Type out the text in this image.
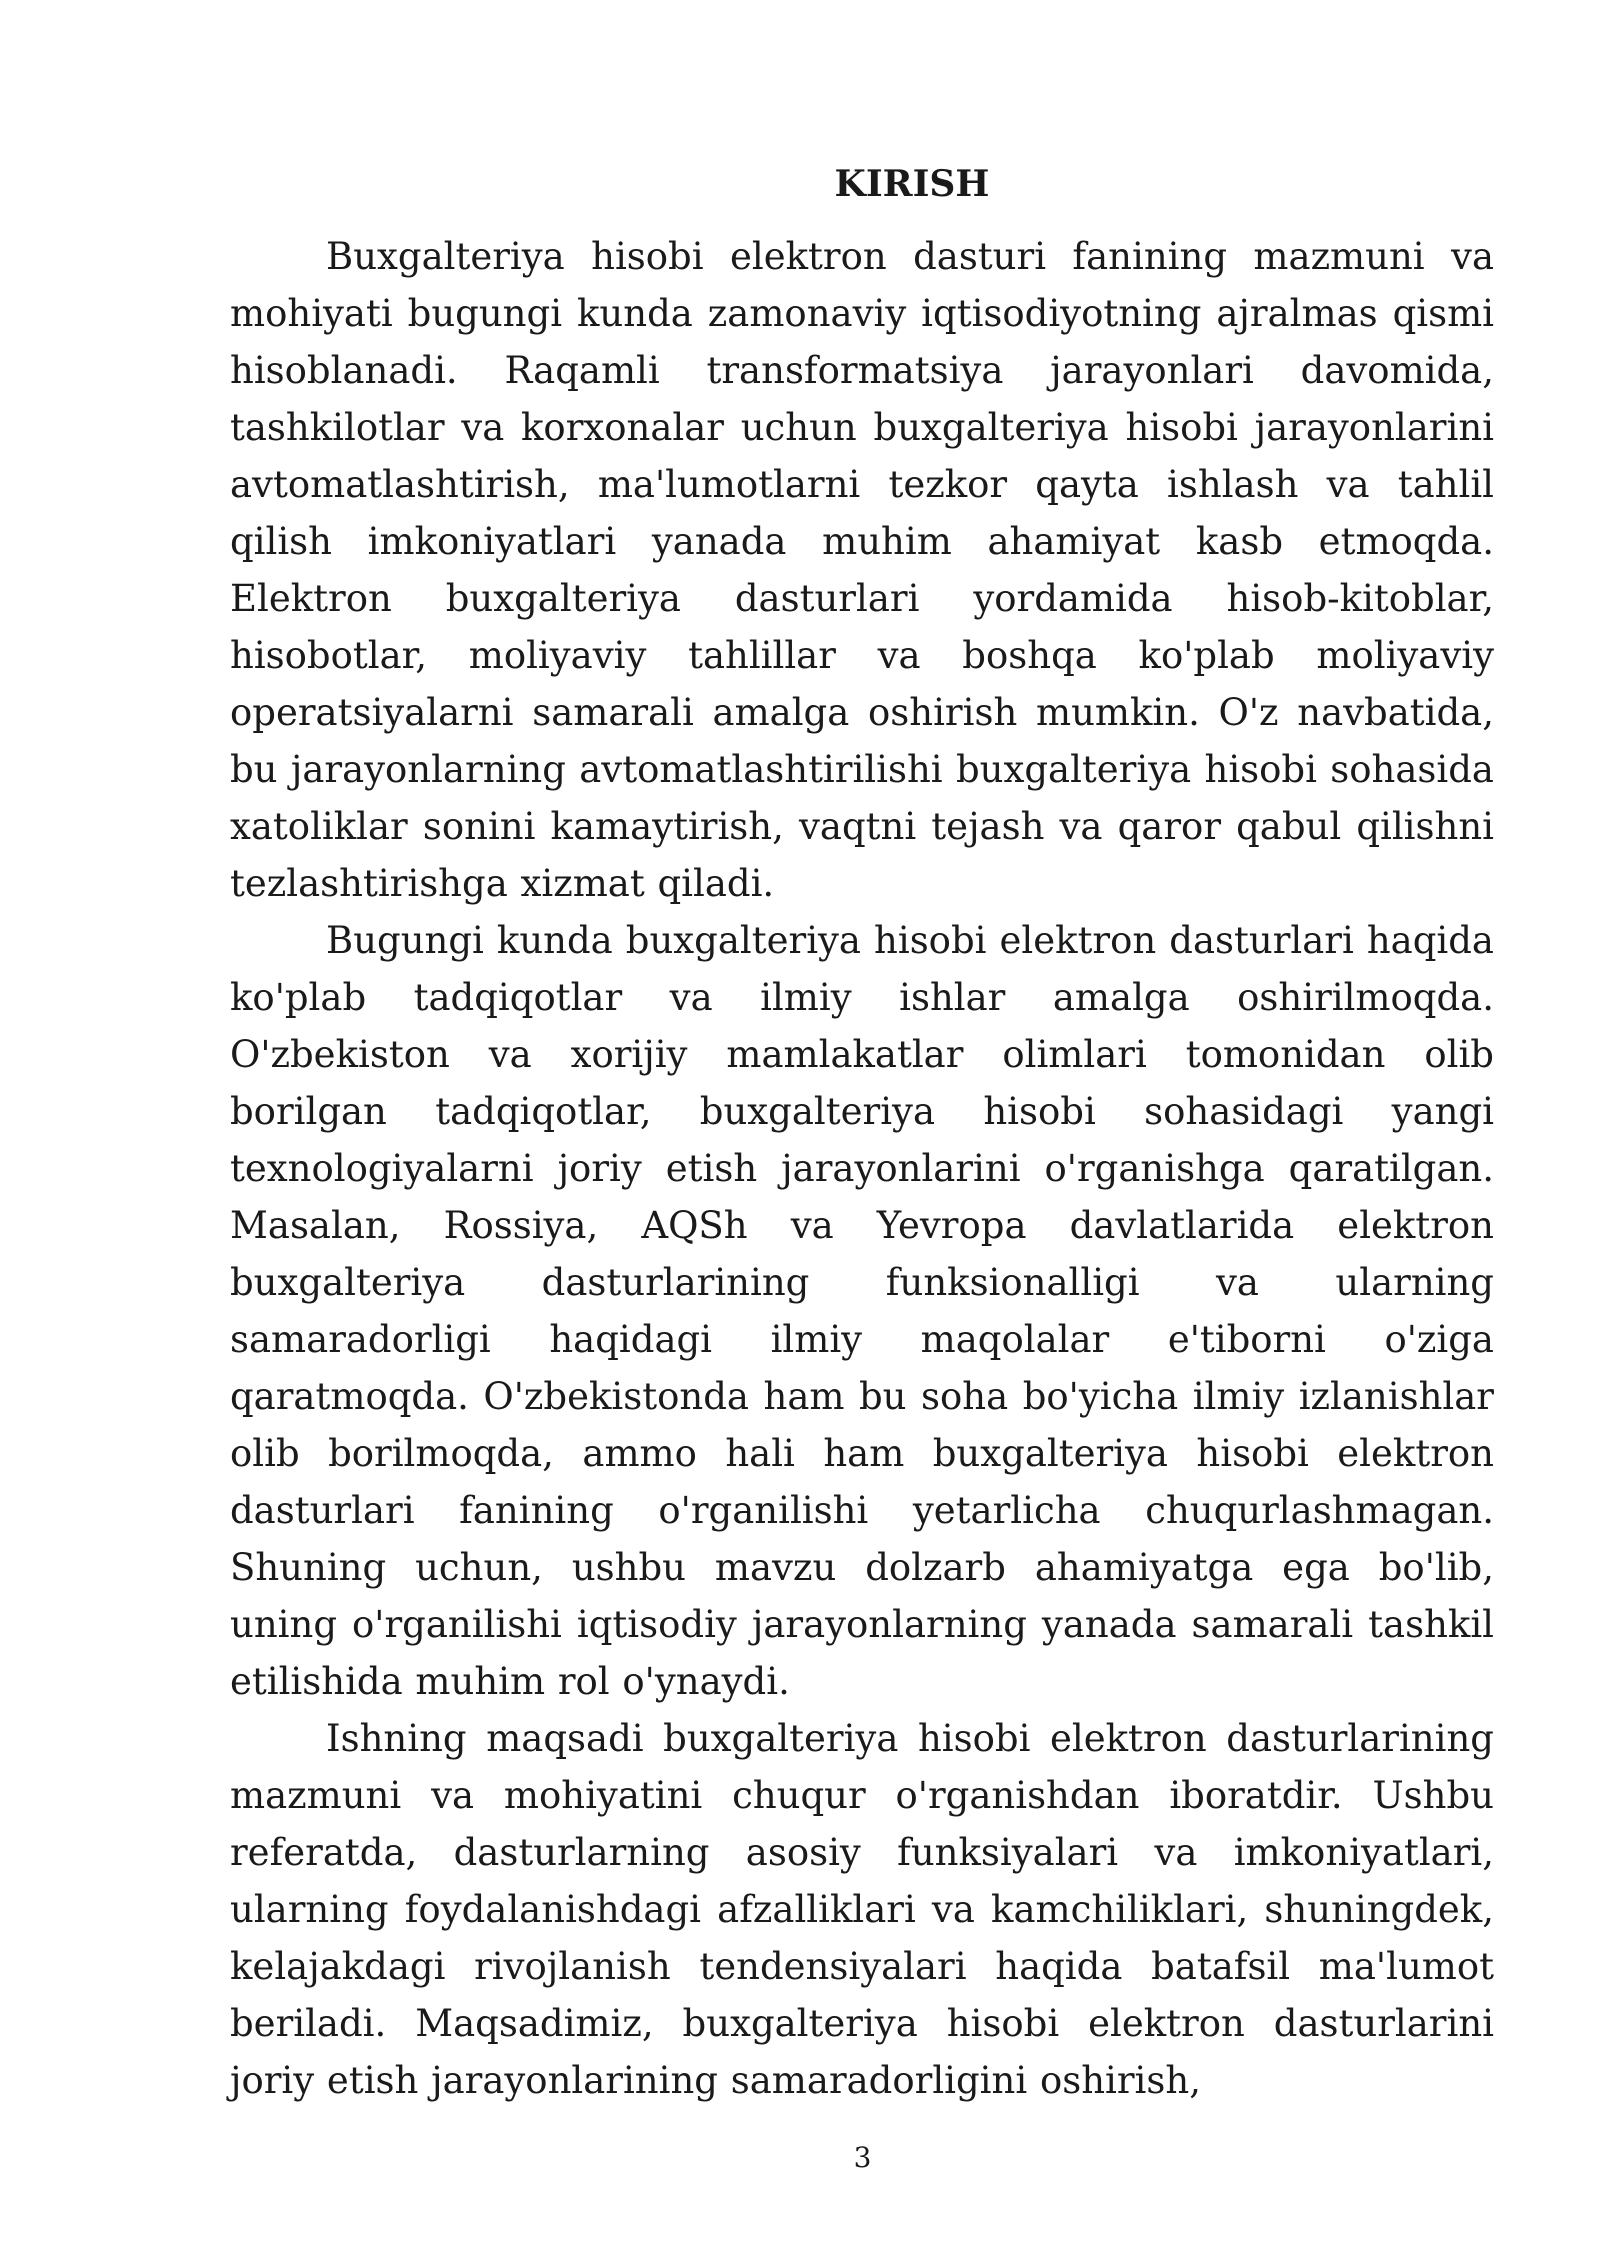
KIRISH

Buxgalteriya hisobi elektron dasturi fanining mazmuni va mohiyati bugungi kunda zamonaviy iqtisodiyotning ajralmas qismi hisoblanadi. Raqamli transformatsiya jarayonlari davomida, tashkilotlar va korxonalar uchun buxgalteriya hisobi jarayonlarini avtomatlashtirish, ma'lumotlarni tezkor qayta ishlash va tahlil qilish imkoniyatlari yanada muhim ahamiyat kasb etmoqda. Elektron buxgalteriya dasturlari yordamida hisob-kitoblar, hisobotlar, moliyaviy tahlillar va boshqa ko'plab moliyaviy operatsiyalarni samarali amalga oshirish mumkin. O'z navbatida, bu jarayonlarning avtomatlashtirilishi buxgalteriya hisobi sohasida xatoliklar sonini kamaytirish, vaqtni tejash va qaror qabul qilishni tezlashtirishga xizmat qiladi.

Bugungi kunda buxgalteriya hisobi elektron dasturlari haqida ko'plab tadqiqotlar va ilmiy ishlar amalga oshirilmoqda. O'zbekiston va xorijiy mamlakatlar olimlari tomonidan olib borilgan tadqiqotlar, buxgalteriya hisobi sohasidagi yangi texnologiyalarni joriy etish jarayonlarini o'rganishga qaratilgan. Masalan, Rossiya, AQSh va Yevropa davlatlarida elektron buxgalteriya dasturlarining funksionalligi va ularning samaradorligi haqidagi ilmiy maqolalar e'tiborni o'ziga qaratmoqda. O'zbekistonda ham bu soha bo'yicha ilmiy izlanishlar olib borilmoqda, ammo hali ham buxgalteriya hisobi elektron dasturlari fanining o'rganilishi yetarlicha chuqurlashmagan. Shuning uchun, ushbu mavzu dolzarb ahamiyatga ega bo'lib, uning o'rganilishi iqtisodiy jarayonlarning yanada samarali tashkil etilishida muhim rol o'ynaydi.

Ishning maqsadi buxgalteriya hisobi elektron dasturlarining mazmuni va mohiyatini chuqur o'rganishdan iboratdir. Ushbu referatda, dasturlarning asosiy funksiyalari va imkoniyatlari, ularning foydalanishdagi afzalliklari va kamchiliklari, shuningdek, kelajakdagi rivojlanish tendensiyalari haqida batafsil ma'lumot beriladi. Maqsadimiz, buxgalteriya hisobi elektron dasturlarini joriy etish jarayonlarining samaradorligini oshirish,

3
